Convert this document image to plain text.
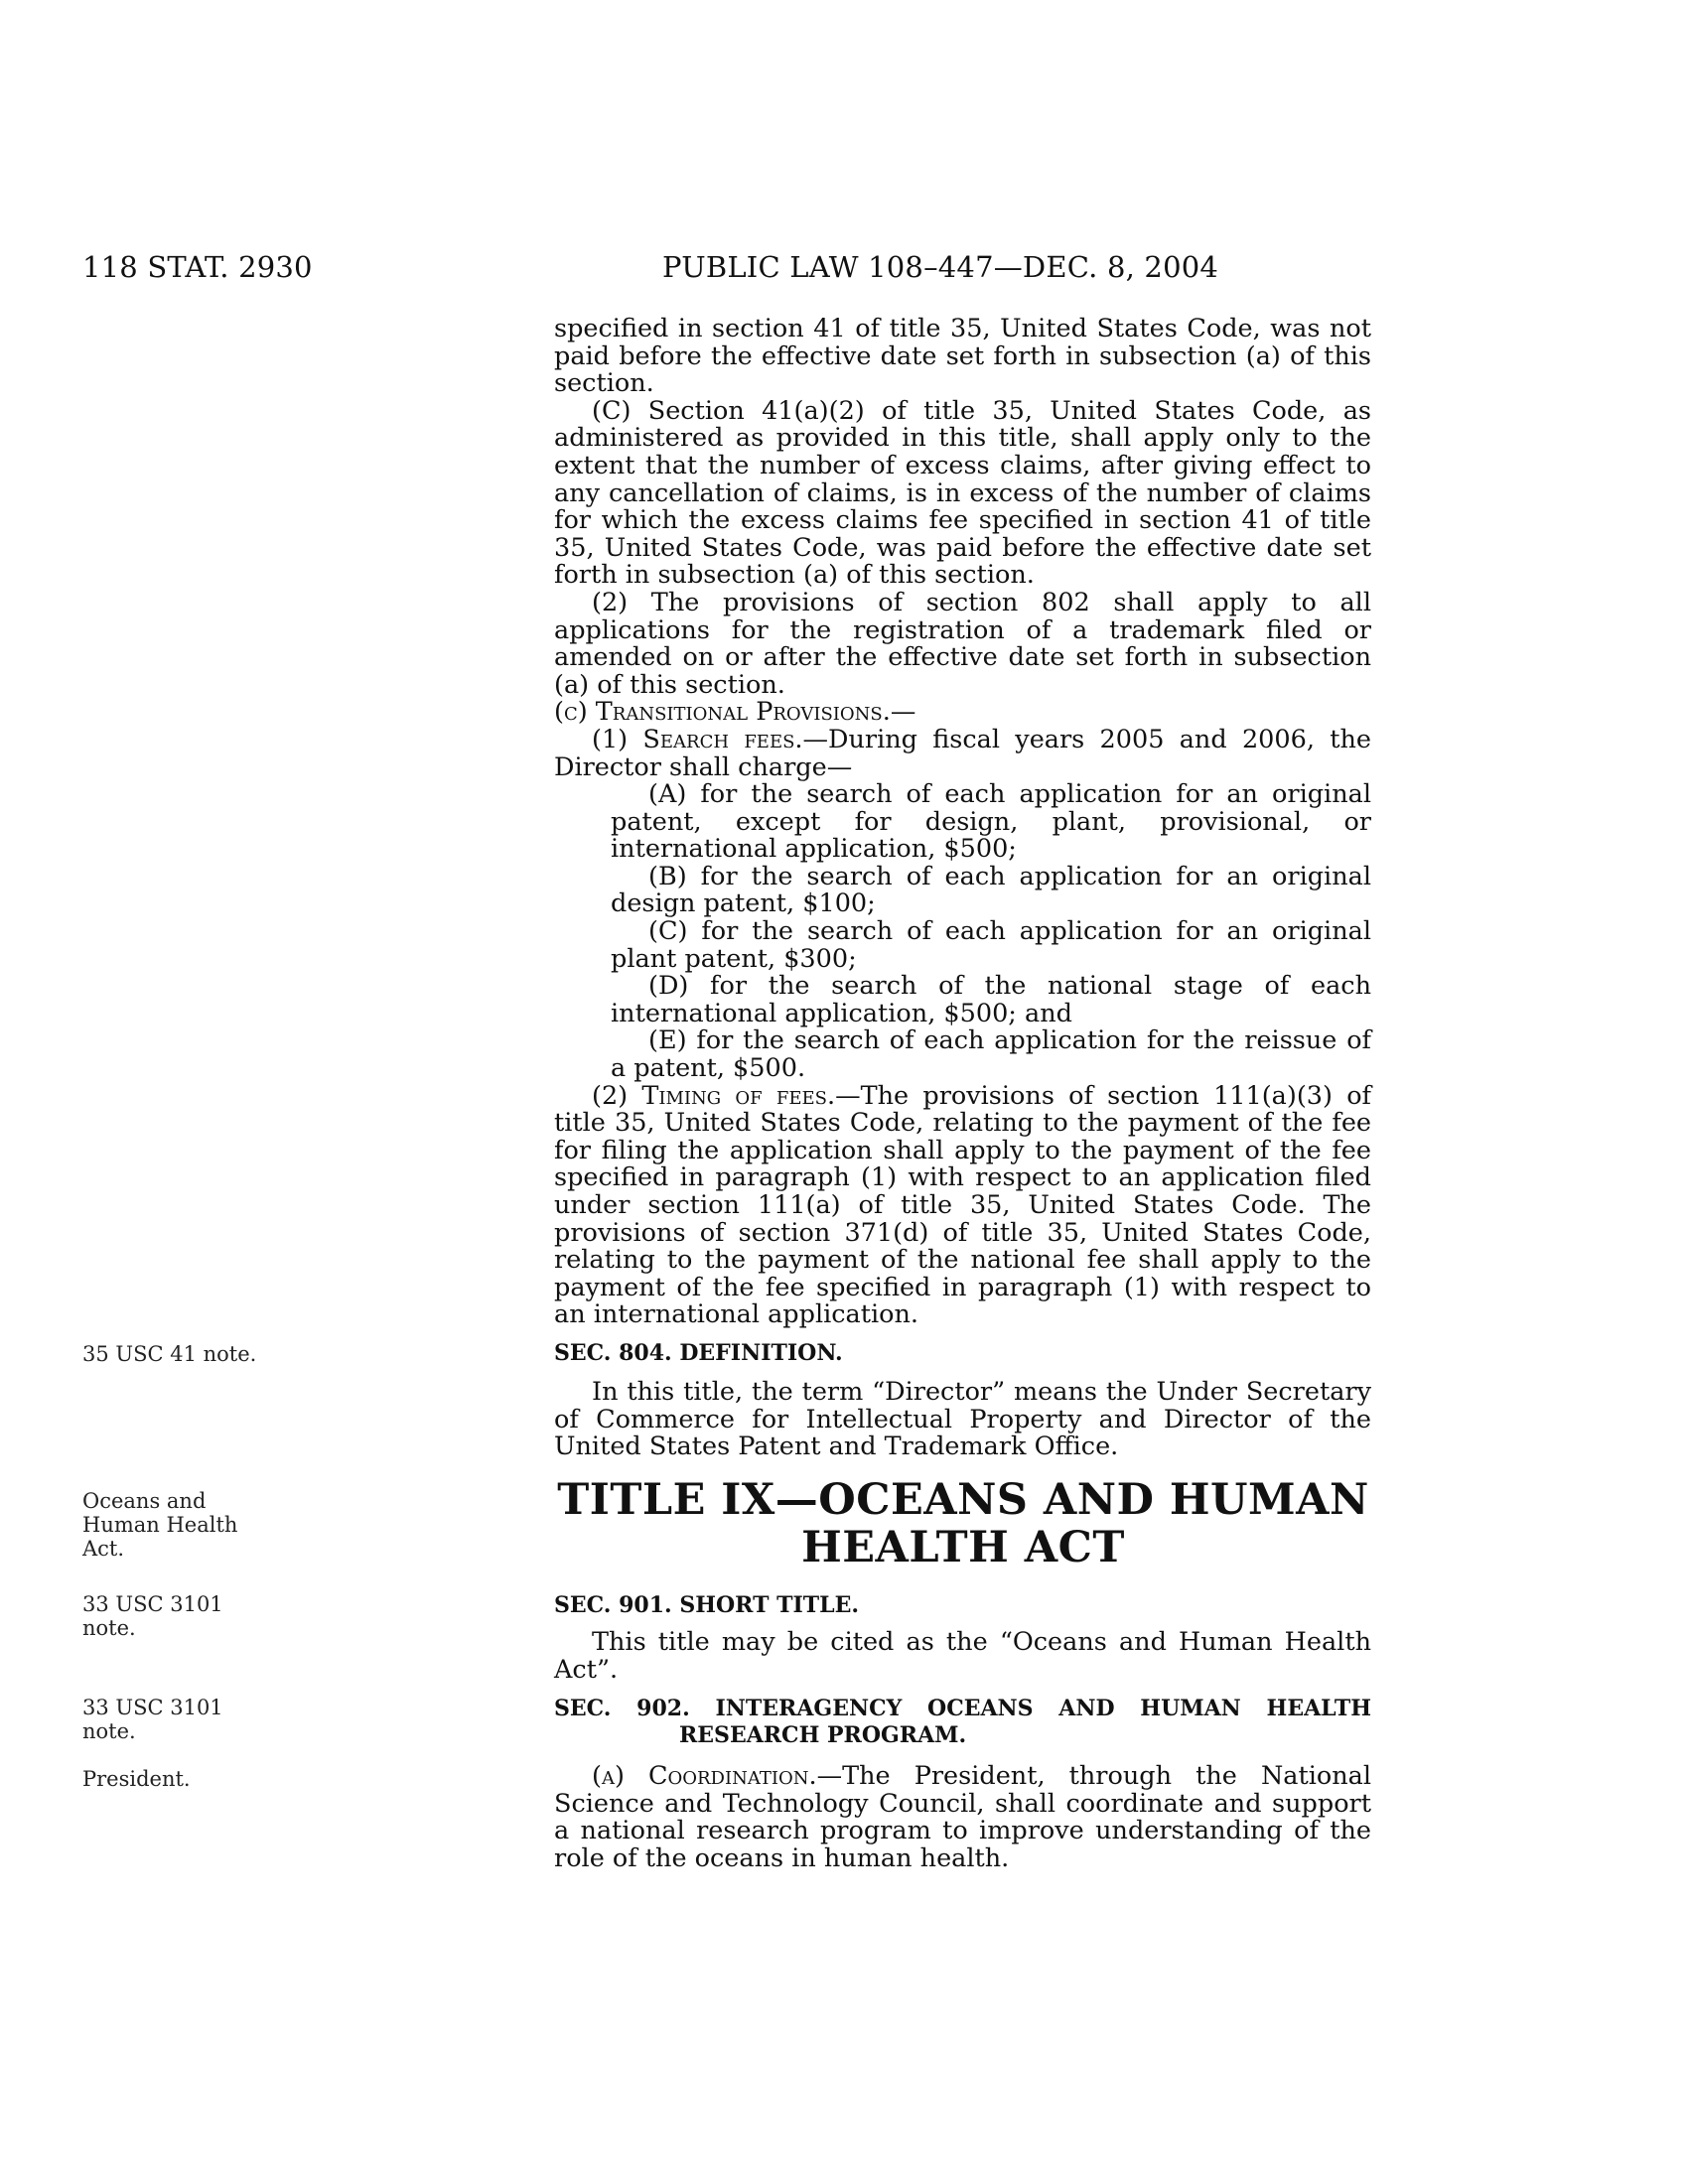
118 STAT. 2930	PUBLIC LAW 108–447—DEC. 8, 2004

specified in section 41 of title 35, United States Code, was not paid before the effective date set forth in subsection (a) of this section.

(C) Section 41(a)(2) of title 35, United States Code, as administered as provided in this title, shall apply only to the extent that the number of excess claims, after giving effect to any cancellation of claims, is in excess of the number of claims for which the excess claims fee specified in section 41 of title 35, United States Code, was paid before the effective date set forth in subsection (a) of this section.

(2) The provisions of section 802 shall apply to all applications for the registration of a trademark filed or amended on or after the effective date set forth in subsection (a) of this section.

(c) Transitional Provisions.—

(1) Search fees.—During fiscal years 2005 and 2006, the Director shall charge—

(A) for the search of each application for an original patent, except for design, plant, provisional, or international application, $500;

(B) for the search of each application for an original design patent, $100;

(C) for the search of each application for an original plant patent, $300;

(D) for the search of the national stage of each international application, $500; and

(E) for the search of each application for the reissue of a patent, $500.

(2) Timing of fees.—The provisions of section 111(a)(3) of title 35, United States Code, relating to the payment of the fee for filing the application shall apply to the payment of the fee specified in paragraph (1) with respect to an application filed under section 111(a) of title 35, United States Code. The provisions of section 371(d) of title 35, United States Code, relating to the payment of the national fee shall apply to the payment of the fee specified in paragraph (1) with respect to an international application.

35 USC 41 note.	SEC. 804. DEFINITION.

In this title, the term “Director” means the Under Secretary of Commerce for Intellectual Property and Director of the United States Patent and Trademark Office.

Oceans and
Human Health
Act.
TITLE IX—OCEANS AND HUMAN
HEALTH ACT
33 USC 3101
note.

SEC. 901. SHORT TITLE.

This title may be cited as the “Oceans and Human Health Act”.

33 USC 3101
note.
President.

SEC. 902. INTERAGENCY OCEANS AND HUMAN HEALTH RESEARCH PROGRAM.

(a) Coordination.—The President, through the National Science and Technology Council, shall coordinate and support a national research program to improve understanding of the role of the oceans in human health.
